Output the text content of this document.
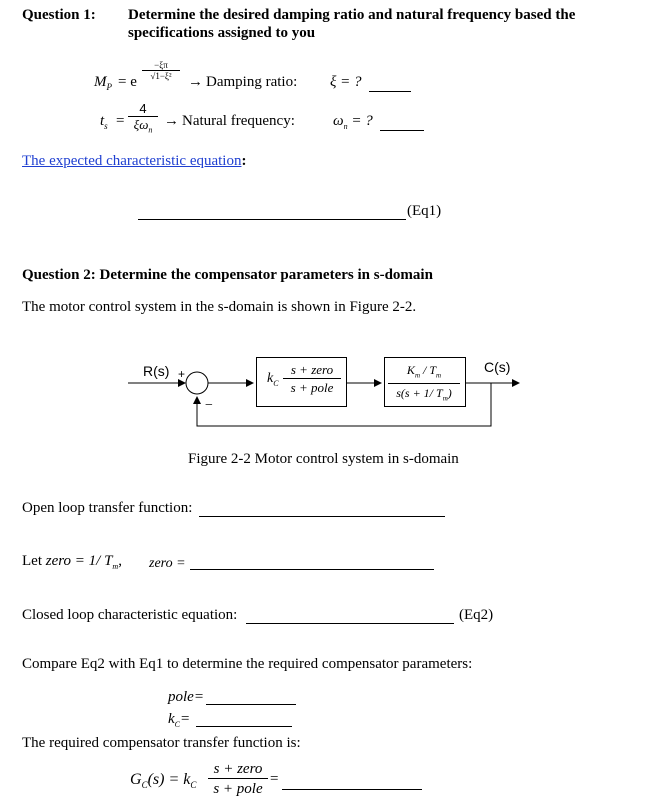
Question 1: Determine the desired damping ratio and natural frequency based the
specifications assigned to you
$M_P = e$
$\frac{-\xi\pi}{\text{√1−ξ²}}$
→ Damping ratio: ξ = ?
$t_s$ =
4
$\xi\omega_n$
→ Natural frequency:	$\omega_n$ = ?
The expected characteristic equation:
(Eq1)
Question 2: Determine the compensator parameters in s-domain
The motor control system in the s-domain is shown in Figure 2-2.
R(s) +
−
C(s)
$k_C$
s + zero
s + pole	$\frac{K_m / T_m}{s(s + 1/ T_m)}$
Figure 2-2 Motor control system in s-domain
Open loop transfer function:
Let zero = 1/ $T_m$, zero =
Closed loop characteristic equation:	(Eq2)
Compare Eq2 with Eq1 to determine the required compensator parameters:
pole=
$k_C=$
The required compensator transfer function is:
$G_C(s) = k_C$
s + zero
s + pole
=
